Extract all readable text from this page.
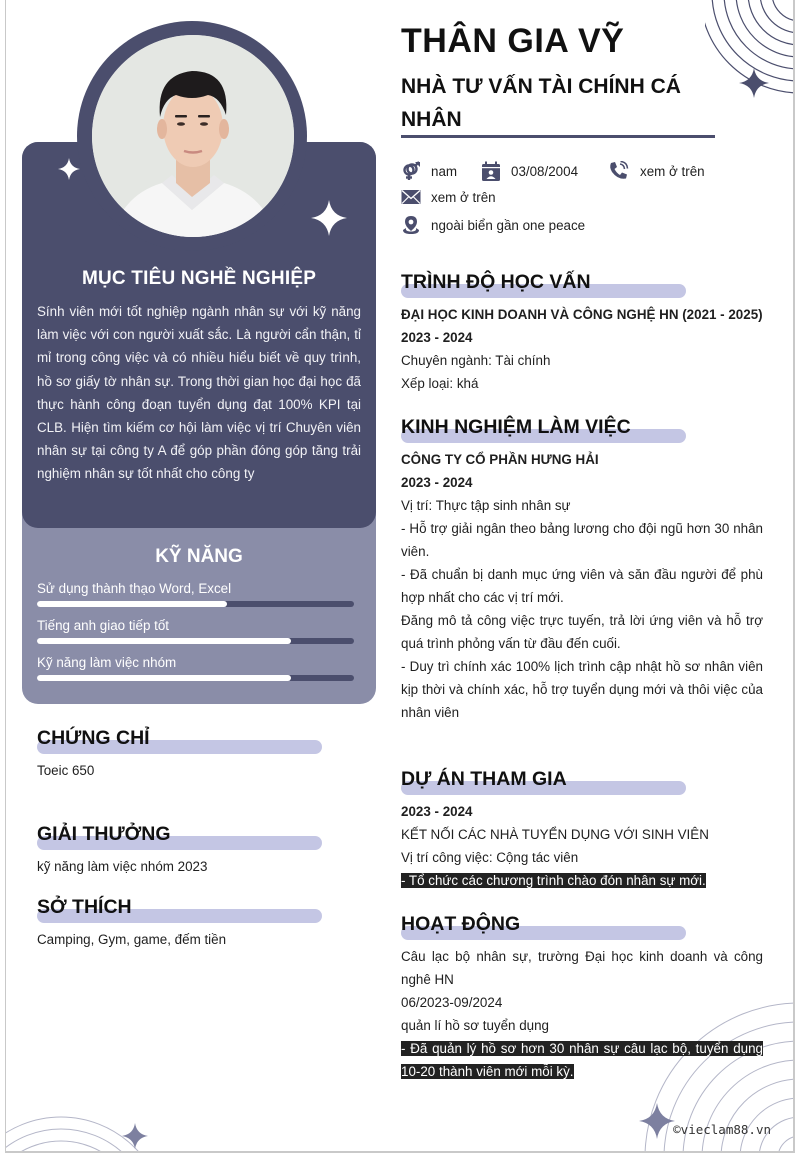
MỤC TIÊU NGHỀ NGHIỆP
Sính viên mới tốt nghiệp ngành nhân sự với kỹ năng làm việc với con người xuất sắc. Là người cẩn thận, tỉ mỉ trong công việc và có nhiều hiểu biết về quy trình, hồ sơ giấy tờ nhân sự. Trong thời gian học đại học đã thực hành công đoạn tuyển dụng đạt 100% KPI tại CLB. Hiện tìm kiếm cơ hội làm việc vị trí Chuyên viên nhân sự tại công ty A để góp phần đóng góp tăng trải nghiệm nhân sự tốt nhất cho công ty
KỸ NĂNG
Sử dụng thành thạo Word, Excel
Tiếng anh giao tiếp tốt
Kỹ năng làm việc nhóm
CHỨNG CHỈ
Toeic 650
GIẢI THƯỞNG
kỹ năng làm việc nhóm 2023
SỞ THÍCH
Camping, Gym, game, đếm tiền
THÂN GIA VỸ
NHÀ TƯ VẤN TÀI CHÍNH CÁ NHÂN
nam	03/08/2004	xem ở trên
xem ở trên
ngoài biển gần one peace
TRÌNH ĐỘ HỌC VẤN
ĐẠI HỌC KINH DOANH VÀ CÔNG NGHỆ HN (2021 - 2025)
2023 - 2024
Chuyên ngành: Tài chính
Xếp loại: khá
KINH NGHIỆM LÀM VIỆC
CÔNG TY CỔ PHẦN HƯNG HẢI
2023 - 2024
Vị trí: Thực tập sinh nhân sự
- Hỗ trợ giải ngân theo bảng lương cho đội ngũ hơn 30 nhân viên.
- Đã chuẩn bị danh mục ứng viên và săn đầu người để phù hợp nhất cho các vị trí mới.
Đăng mô tả công việc trực tuyến, trả lời ứng viên và hỗ trợ quá trình phỏng vấn từ đầu đến cuối.
- Duy trì chính xác 100% lịch trình cập nhật hồ sơ nhân viên kịp thời và chính xác, hỗ trợ tuyển dụng mới và thôi việc của nhân viên
DỰ ÁN THAM GIA
2023 - 2024
KẾT NỐI CÁC NHÀ TUYỂN DỤNG VỚI SINH VIÊN
Vị trí công việc: Cộng tác viên
- Tổ chức các chương trình chào đón nhân sự mới.
HOẠT ĐỘNG
Câu lạc bộ nhân sự, trường Đại học kinh doanh và công nghê HN
06/2023-09/2024
quản lí hồ sơ tuyển dụng
- Đã quản lý hồ sơ hơn 30 nhân sự câu lạc bộ, tuyển dụng 10-20 thành viên mới mỗi kỳ.
©vieclam88.vn
